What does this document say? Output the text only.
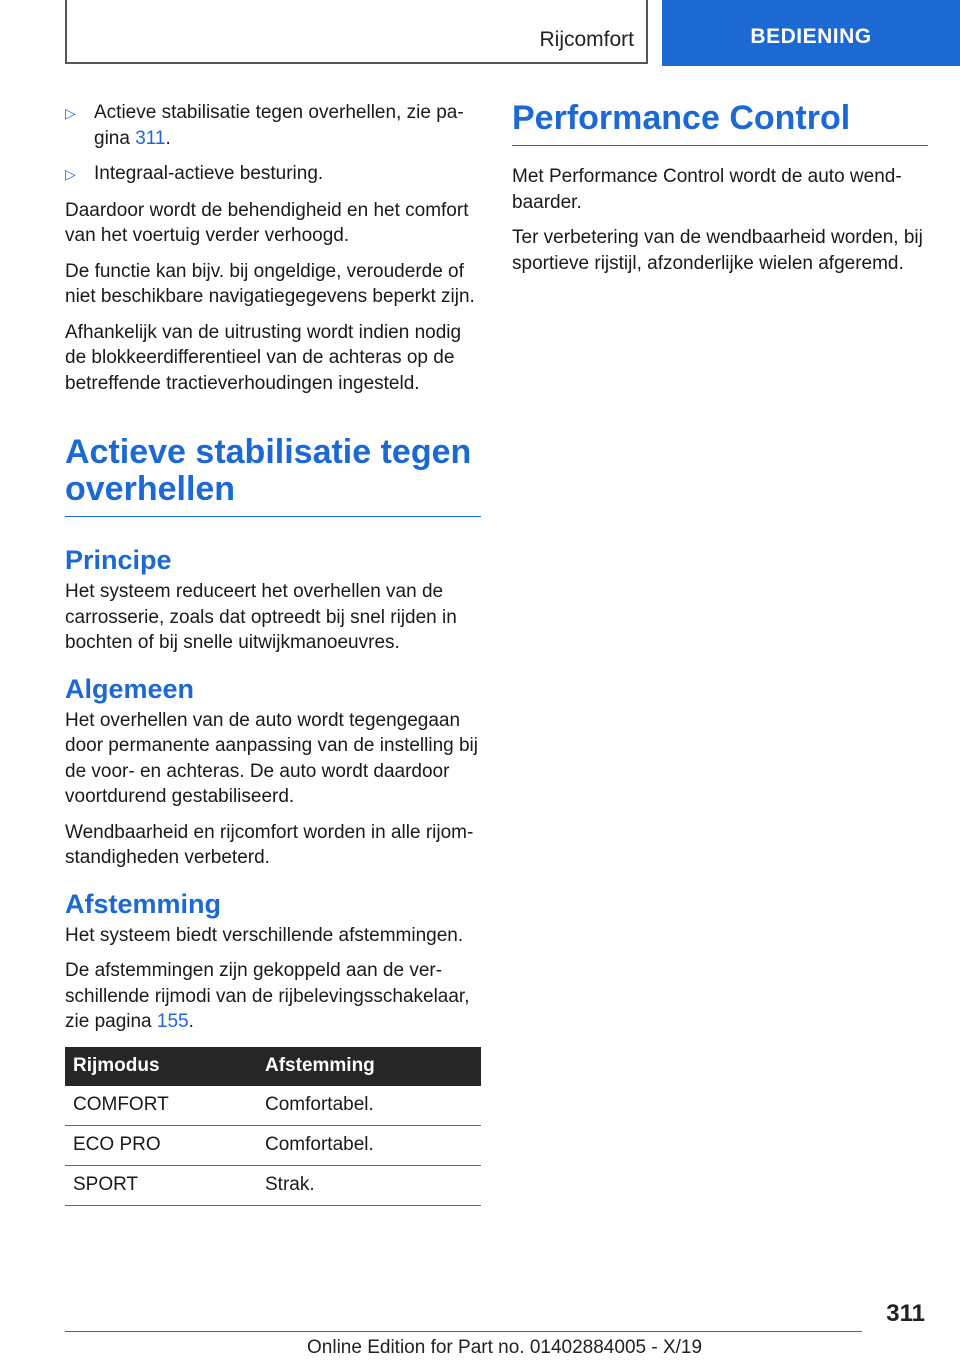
Rijcomfort	BEDIENING
▷ Actieve stabilisatie tegen overhellen, zie pa‐ gina 311.
▷ Integraal-actieve besturing.

Daardoor wordt de behendigheid en het comfort van het voertuig verder verhoogd.

De functie kan bijv. bij ongeldige, verouderde of niet beschikbare navigatiegegevens beperkt zijn.

Afhankelijk van de uitrusting wordt indien nodig de blokkeerdifferentieel van de achteras op de betreffende tractieverhoudingen ingesteld.

Actieve stabilisatie tegen overhellen
Principe

Het systeem reduceert het overhellen van de carrosserie, zoals dat optreedt bij snel rijden in bochten of bij snelle uitwijkmanoeuvres.

Algemeen

Het overhellen van de auto wordt tegengegaan door permanente aanpassing van de instelling bij de voor- en achteras. De auto wordt daardoor voortdurend gestabiliseerd.

Wendbaarheid en rijcomfort worden in alle rijom‐ standigheden verbeterd.

Afstemming

Het systeem biedt verschillende afstemmingen.

De afstemmingen zijn gekoppeld aan de ver‐ schillende rijmodi van de rijbelevingsschakelaar, zie pagina 155.

Rijmodus	Afstemming
COMFORT	Comfortabel.
ECO PRO	Comfortabel.
SPORT	Strak.
Performance Control

Met Performance Control wordt de auto wend‐ baarder.

Ter verbetering van de wendbaarheid worden, bij sportieve rijstijl, afzonderlijke wielen afgeremd.

311
Online Edition for Part no. 01402884005 - X/19
